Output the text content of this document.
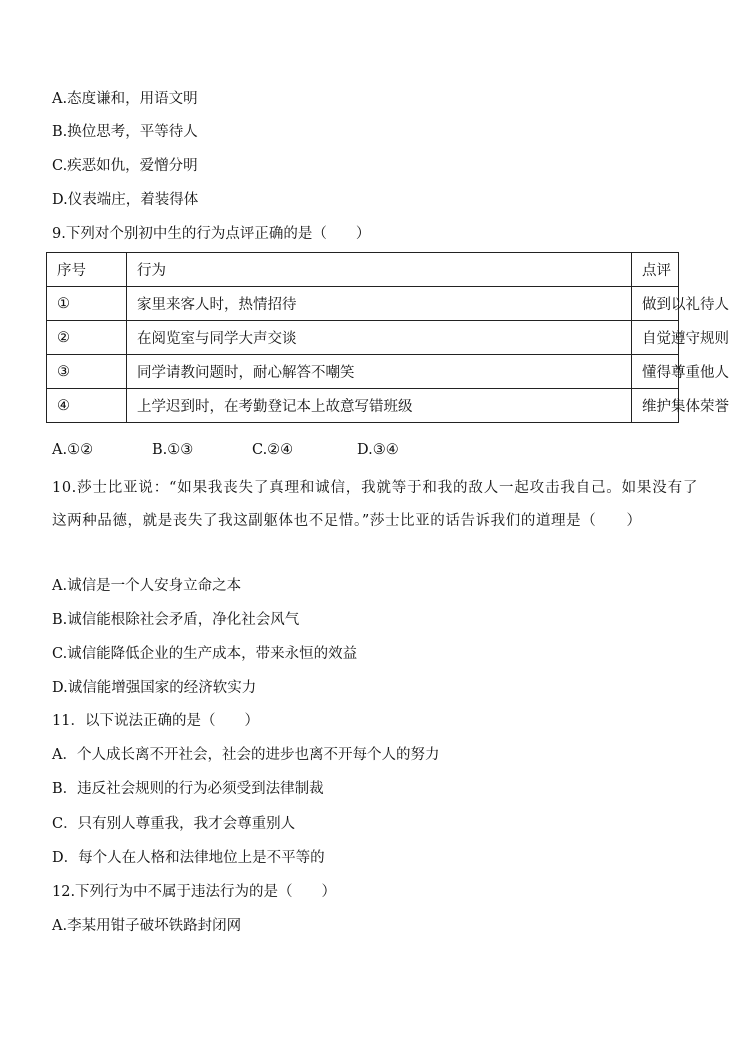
A.态度谦和，用语文明
B.换位思考，平等待人
C.疾恶如仇，爱憎分明
D.仪表端庄，着装得体
9.下列对个别初中生的行为点评正确的是（　　）
序号	行为	点评
①	家里来客人时，热情招待	做到以礼待人
②	在阅览室与同学大声交谈	自觉遵守规则
③	同学请教问题时，耐心解答不嘲笑	懂得尊重他人
④	上学迟到时，在考勤登记本上故意写错班级	维护集体荣誉
A.①②	B.①③	C.②④	D.③④
10.莎士比亚说：“如果我丧失了真理和诚信，我就等于和我的敌人一起攻击我自己。如果没有了这两种品德，就是丧失了我这副躯体也不足惜。”莎士比亚的话告诉我们的道理是（　　）
A.诚信是一个人安身立命之本
B.诚信能根除社会矛盾，净化社会风气
C.诚信能降低企业的生产成本，带来永恒的效益
D.诚信能增强国家的经济软实力
11．以下说法正确的是（　　）
A．个人成长离不开社会，社会的进步也离不开每个人的努力
B．违反社会规则的行为必须受到法律制裁
C．只有别人尊重我，我才会尊重别人
D．每个人在人格和法律地位上是不平等的
12.下列行为中不属于违法行为的是（　　）
A.李某用钳子破坏铁路封闭网
